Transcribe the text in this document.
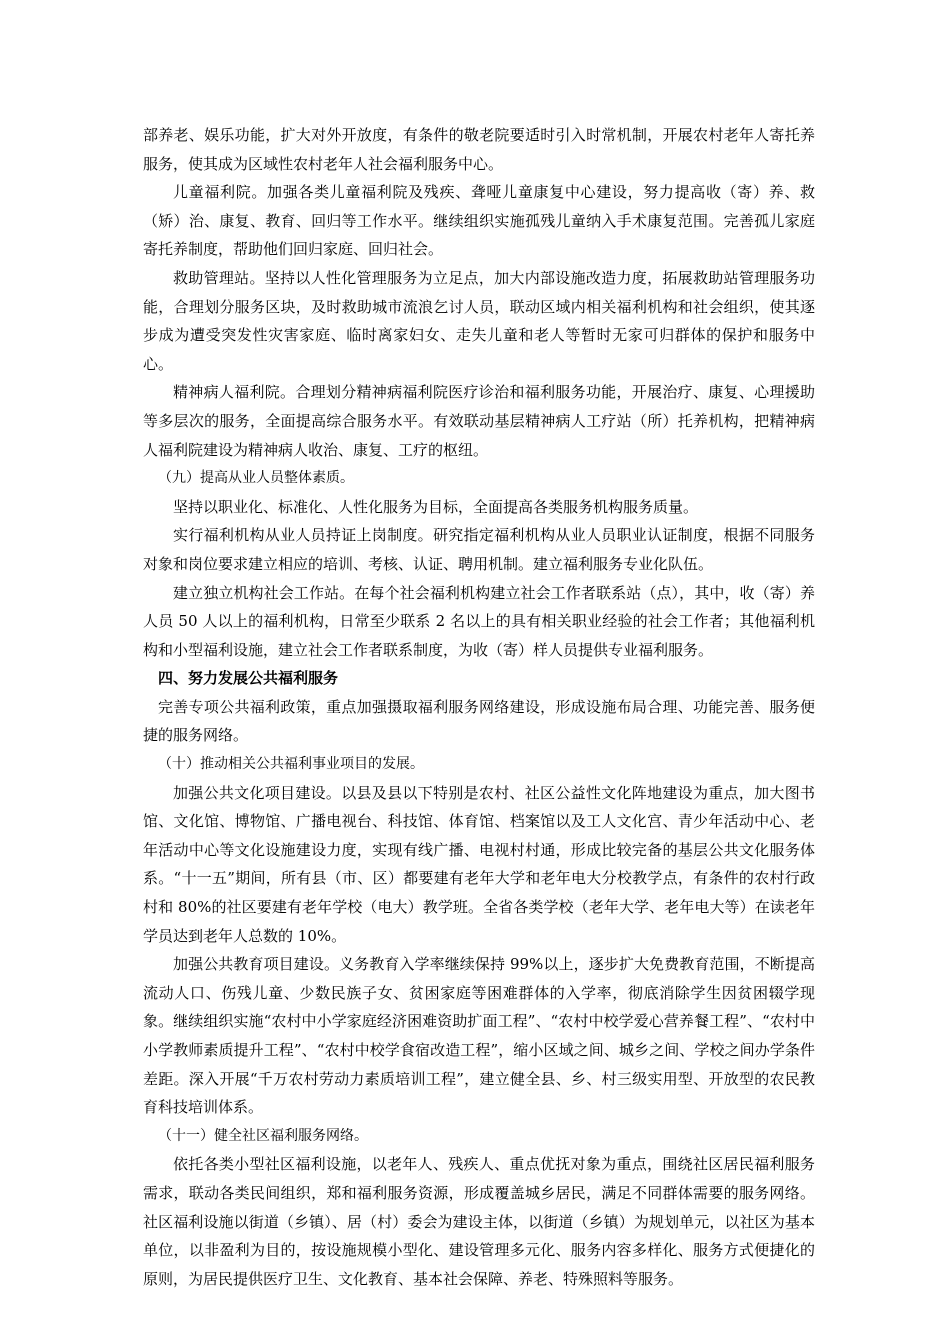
部养老、娱乐功能，扩大对外开放度，有条件的敬老院要适时引入时常机制，开展农村老年人寄托养服务，使其成为区域性农村老年人社会福利服务中心。

儿童福利院。加强各类儿童福利院及残疾、聋哑儿童康复中心建设，努力提高收（寄）养、救（矫）治、康复、教育、回归等工作水平。继续组织实施孤残儿童纳入手术康复范围。完善孤儿家庭寄托养制度，帮助他们回归家庭、回归社会。

救助管理站。坚持以人性化管理服务为立足点，加大内部设施改造力度，拓展救助站管理服务功能，合理划分服务区块，及时救助城市流浪乞讨人员，联动区域内相关福利机构和社会组织，使其逐步成为遭受突发性灾害家庭、临时离家妇女、走失儿童和老人等暂时无家可归群体的保护和服务中心。

精神病人福利院。合理划分精神病福利院医疗诊治和福利服务功能，开展治疗、康复、心理援助等多层次的服务，全面提高综合服务水平。有效联动基层精神病人工疗站（所）托养机构，把精神病人福利院建设为精神病人收治、康复、工疗的枢纽。

（九）提高从业人员整体素质。

坚持以职业化、标准化、人性化服务为目标，全面提高各类服务机构服务质量。

实行福利机构从业人员持证上岗制度。研究指定福利机构从业人员职业认证制度，根据不同服务对象和岗位要求建立相应的培训、考核、认证、聘用机制。建立福利服务专业化队伍。

建立独立机构社会工作站。在每个社会福利机构建立社会工作者联系站（点），其中，收（寄）养人员 50 人以上的福利机构，日常至少联系 2 名以上的具有相关职业经验的社会工作者；其他福利机构和小型福利设施，建立社会工作者联系制度，为收（寄）样人员提供专业福利服务。

四、努力发展公共福利服务

完善专项公共福利政策，重点加强摄取福利服务网络建设，形成设施布局合理、功能完善、服务便捷的服务网络。

（十）推动相关公共福利事业项目的发展。

加强公共文化项目建设。以县及县以下特别是农村、社区公益性文化阵地建设为重点，加大图书馆、文化馆、博物馆、广播电视台、科技馆、体育馆、档案馆以及工人文化宫、青少年活动中心、老年活动中心等文化设施建设力度，实现有线广播、电视村村通，形成比较完备的基层公共文化服务体系。“十一五”期间，所有县（市、区）都要建有老年大学和老年电大分校教学点，有条件的农村行政村和 80%的社区要建有老年学校（电大）教学班。全省各类学校（老年大学、老年电大等）在读老年学员达到老年人总数的 10%。

加强公共教育项目建设。义务教育入学率继续保持 99%以上，逐步扩大免费教育范围，不断提高流动人口、伤残儿童、少数民族子女、贫困家庭等困难群体的入学率，彻底消除学生因贫困辍学现象。继续组织实施“农村中小学家庭经济困难资助扩面工程”、“农村中校学爱心营养餐工程”、“农村中小学教师素质提升工程”、“农村中校学食宿改造工程”，缩小区域之间、城乡之间、学校之间办学条件差距。深入开展“千万农村劳动力素质培训工程”，建立健全县、乡、村三级实用型、开放型的农民教育科技培训体系。

（十一）健全社区福利服务网络。

依托各类小型社区福利设施，以老年人、残疾人、重点优抚对象为重点，围绕社区居民福利服务需求，联动各类民间组织，郑和福利服务资源，形成覆盖城乡居民，满足不同群体需要的服务网络。社区福利设施以街道（乡镇）、居（村）委会为建设主体，以街道（乡镇）为规划单元，以社区为基本单位，以非盈利为目的，按设施规模小型化、建设管理多元化、服务内容多样化、服务方式便捷化的原则，为居民提供医疗卫生、文化教育、基本社会保障、养老、特殊照料等服务。
